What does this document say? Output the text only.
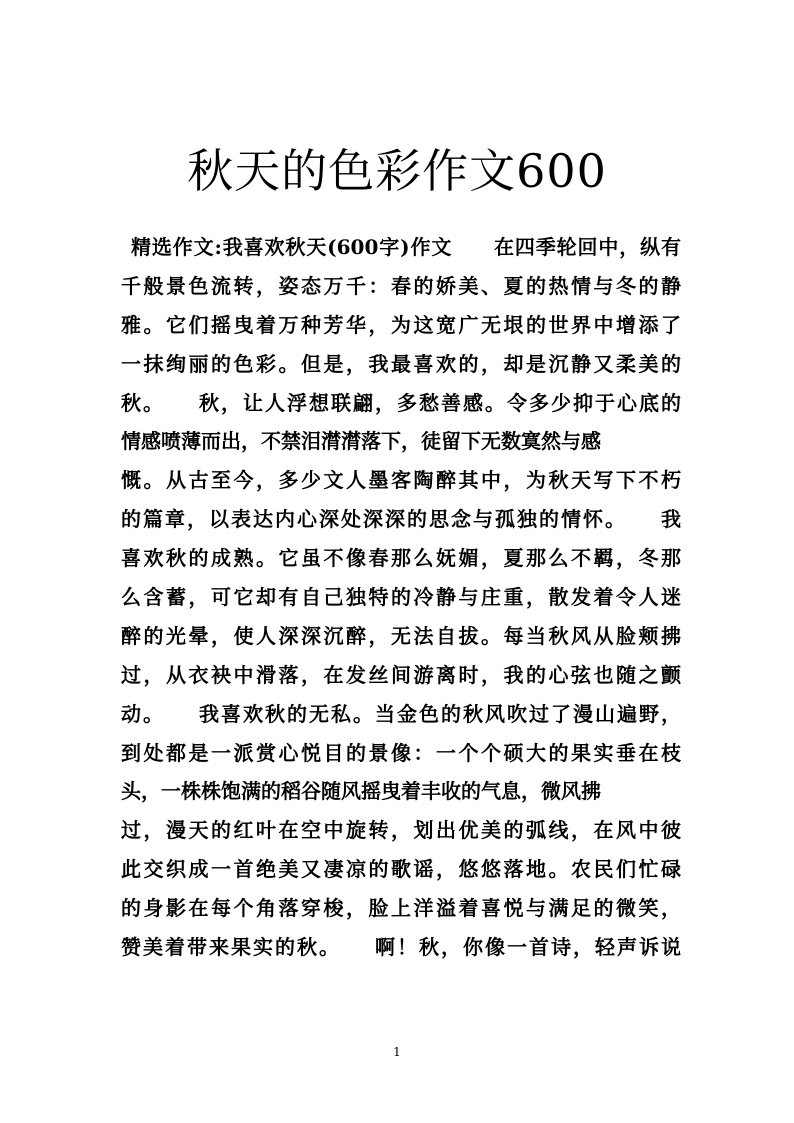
秋天的色彩作文600
精选作文:我喜欢秋天(600字)作文　　在四季轮回中，纵有
千般景色流转，姿态万千：春的娇美、夏的热情与冬的静
雅。它们摇曳着万种芳华，为这宽广无垠的世界中增添了
一抹绚丽的色彩。但是，我最喜欢的，却是沉静又柔美的
秋。　　秋，让人浮想联翩，多愁善感。令多少抑于心底的
情感喷薄而出，不禁泪潸潸落下，徒留下无数寞然与感
慨。从古至今，多少文人墨客陶醉其中，为秋天写下不朽
的篇章，以表达内心深处深深的思念与孤独的情怀。　　我
喜欢秋的成熟。它虽不像春那么妩媚，夏那么不羁，冬那
么含蓄，可它却有自己独特的冷静与庄重，散发着令人迷
醉的光晕，使人深深沉醉，无法自拔。每当秋风从脸颊拂
过，从衣袂中滑落，在发丝间游离时，我的心弦也随之颤
动。　　我喜欢秋的无私。当金色的秋风吹过了漫山遍野，
到处都是一派赏心悦目的景像：一个个硕大的果实垂在枝
头，一株株饱满的稻谷随风摇曳着丰收的气息，微风拂
过，漫天的红叶在空中旋转，划出优美的弧线，在风中彼
此交织成一首绝美又凄凉的歌谣，悠悠落地。农民们忙碌
的身影在每个角落穿梭，脸上洋溢着喜悦与满足的微笑，
赞美着带来果实的秋。　　啊！秋，你像一首诗，轻声诉说
1
